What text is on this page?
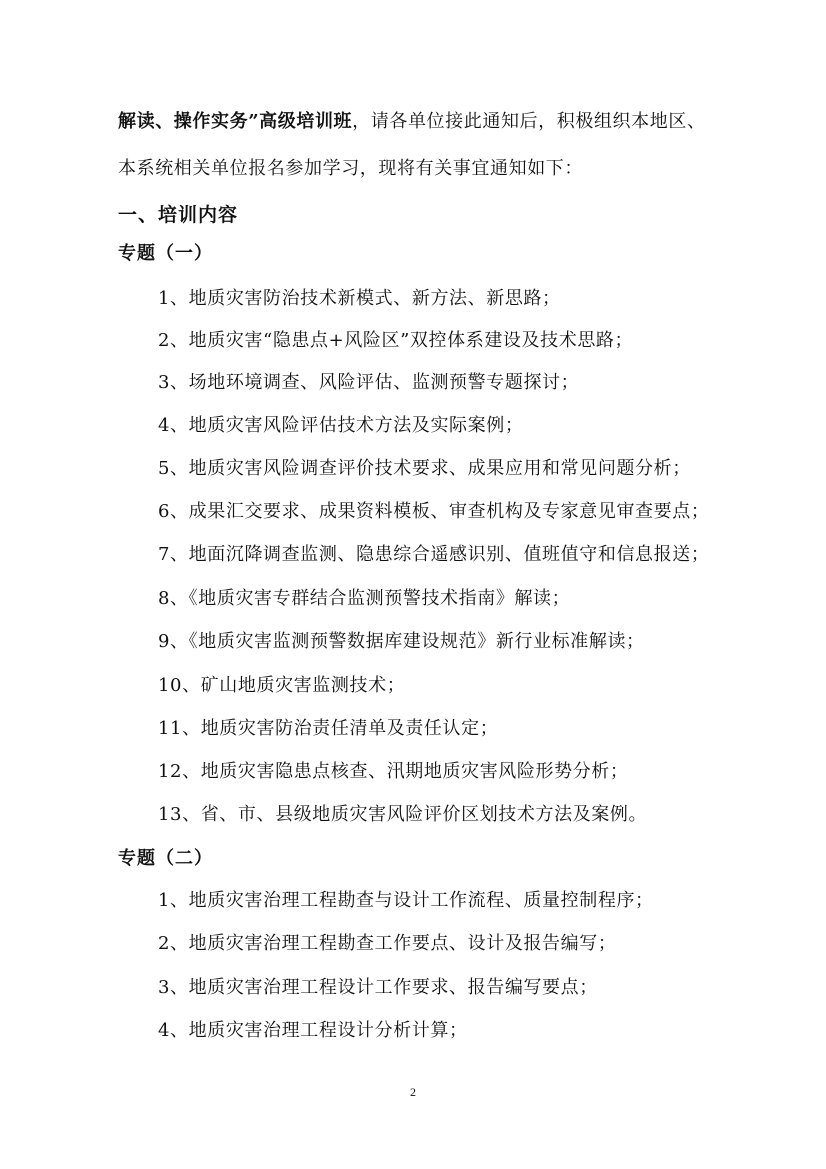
解读、操作实务”高级培训班，请各单位接此通知后，积极组织本地区、
本系统相关单位报名参加学习，现将有关事宜通知如下：
一、培训内容
专题（一）
1、地质灾害防治技术新模式、新方法、新思路；
2、地质灾害“隐患点+风险区”双控体系建设及技术思路；
3、场地环境调查、风险评估、监测预警专题探讨；
4、地质灾害风险评估技术方法及实际案例；
5、地质灾害风险调查评价技术要求、成果应用和常见问题分析；
6、成果汇交要求、成果资料模板、审查机构及专家意见审查要点；
7、地面沉降调查监测、隐患综合遥感识别、值班值守和信息报送；
8、《地质灾害专群结合监测预警技术指南》解读；
9、《地质灾害监测预警数据库建设规范》新行业标准解读；
10、矿山地质灾害监测技术；
11、地质灾害防治责任清单及责任认定；
12、地质灾害隐患点核查、汛期地质灾害风险形势分析；
13、省、市、县级地质灾害风险评价区划技术方法及案例。
专题（二）
1、地质灾害治理工程勘查与设计工作流程、质量控制程序；
2、地质灾害治理工程勘查工作要点、设计及报告编写；
3、地质灾害治理工程设计工作要求、报告编写要点；
4、地质灾害治理工程设计分析计算；
2
